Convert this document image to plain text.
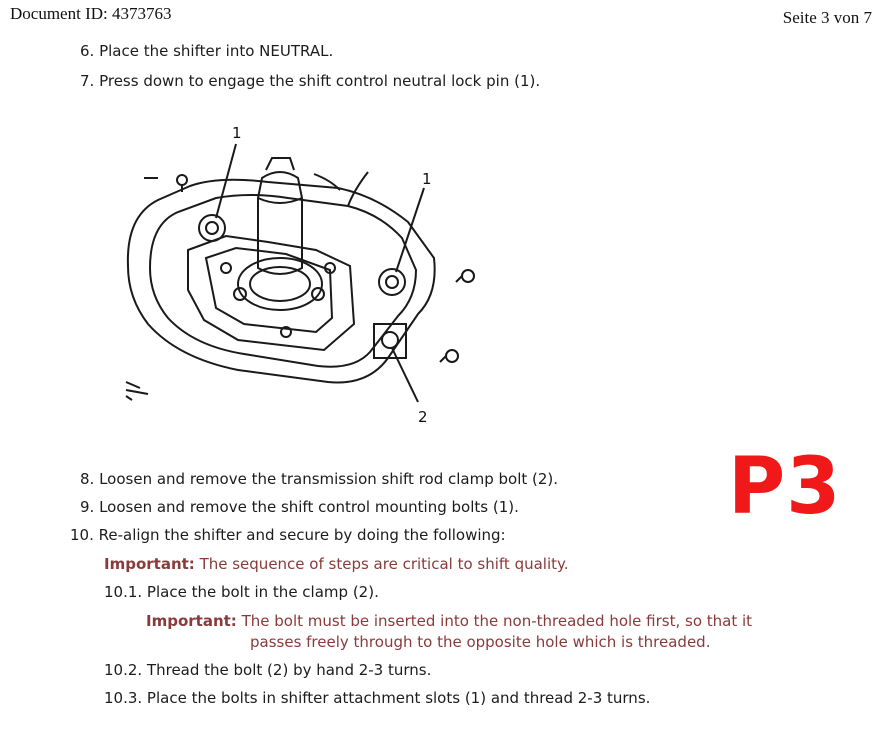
Document ID: 4373763	Seite 3 von 7
6. Place the shifter into NEUTRAL.
7. Press down to engage the shift control neutral lock pin (1).
1
1
2
8. Loosen and remove the transmission shift rod clamp bolt (2).
9. Loosen and remove the shift control mounting bolts (1).
10. Re-align the shifter and secure by doing the following:
Important: The sequence of steps are critical to shift quality.
10.1. Place the bolt in the clamp (2).
Important: The bolt must be inserted into the non-threaded hole first, so that it
passes freely through to the opposite hole which is threaded.
10.2. Thread the bolt (2) by hand 2-3 turns.
10.3. Place the bolts in shifter attachment slots (1) and thread 2-3 turns.
P3
